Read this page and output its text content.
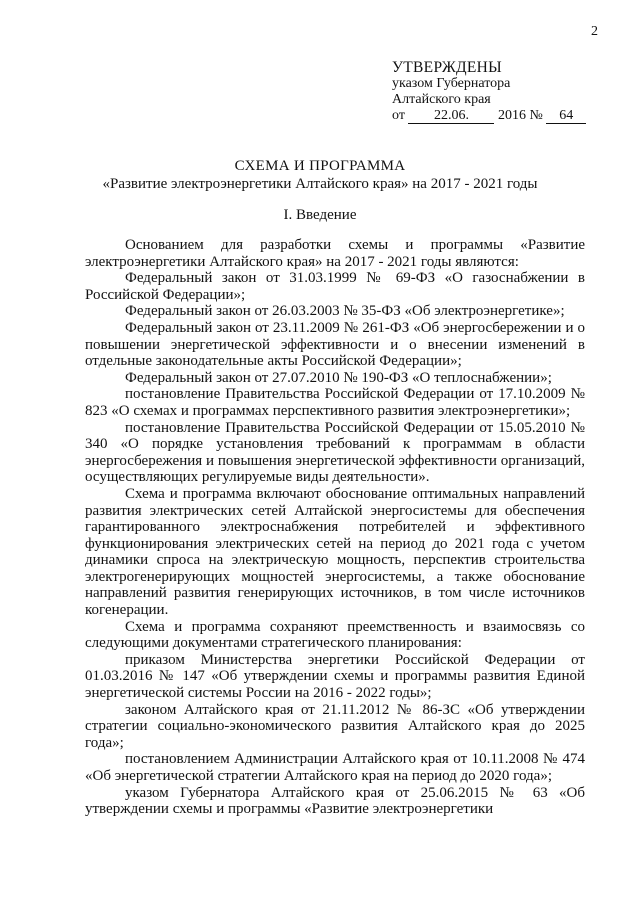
2
УТВЕРЖДЕНЫ
указом Губернатора
Алтайского края
от 22.06. 2016 № 64
СХЕМА И ПРОГРАММА
«Развитие электроэнергетики Алтайского края» на 2017 - 2021 годы
I. Введение

Основанием для разработки схемы и программы «Развитие электроэнергетики Алтайского края» на 2017 - 2021 годы являются:

Федеральный закон от 31.03.1999 № 69-ФЗ «О газоснабжении в Российской Федерации»;

Федеральный закон от 26.03.2003 № 35-ФЗ «Об электроэнергетике»;

Федеральный закон от 23.11.2009 № 261-ФЗ «Об энергосбережении и о повышении энергетической эффективности и о внесении изменений в отдельные законодательные акты Российской Федерации»;

Федеральный закон от 27.07.2010 № 190-ФЗ «О теплоснабжении»;

постановление Правительства Российской Федерации от 17.10.2009 № 823 «О схемах и программах перспективного развития электроэнергетики»;

постановление Правительства Российской Федерации от 15.05.2010 № 340 «О порядке установления требований к программам в области энергосбережения и повышения энергетической эффективности организаций, осуществляющих регулируемые виды деятельности».

Схема и программа включают обоснование оптимальных направлений развития электрических сетей Алтайской энергосистемы для обеспечения гарантированного электроснабжения потребителей и эффективного функционирования электрических сетей на период до 2021 года с учетом динамики спроса на электрическую мощность, перспектив строительства электрогенерирующих мощностей энергосистемы, а также обоснование направлений развития генерирующих источников, в том числе источников когенерации.

Схема и программа сохраняют преемственность и взаимосвязь со следующими документами стратегического планирования:

приказом Министерства энергетики Российской Федерации от 01.03.2016 № 147 «Об утверждении схемы и программы развития Единой энергетической системы России на 2016 - 2022 годы»;

законом Алтайского края от 21.11.2012 № 86-ЗС «Об утверждении стратегии социально-экономического развития Алтайского края до 2025 года»;

постановлением Администрации Алтайского края от 10.11.2008 № 474 «Об энергетической стратегии Алтайского края на период до 2020 года»;

указом Губернатора Алтайского края от 25.06.2015 № 63 «Об утверждении схемы и программы «Развитие электроэнергетики
